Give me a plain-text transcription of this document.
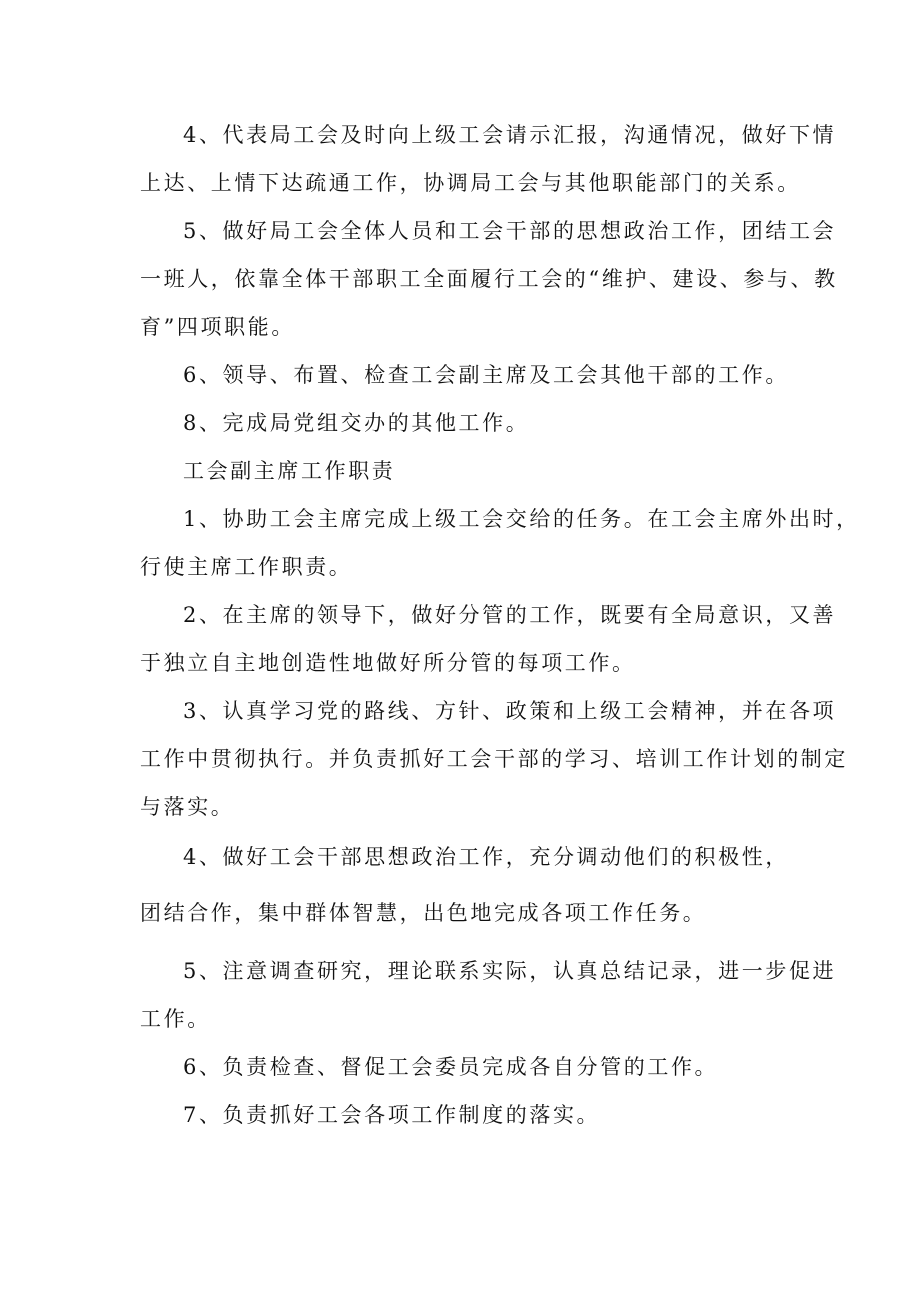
4、代表局工会及时向上级工会请示汇报，沟通情况，做好下情
上达、上情下达疏通工作，协调局工会与其他职能部门的关系。
5、做好局工会全体人员和工会干部的思想政治工作，团结工会
一班人，依靠全体干部职工全面履行工会的“维护、建设、参与、教
育”四项职能。
6、领导、布置、检查工会副主席及工会其他干部的工作。
8、完成局党组交办的其他工作。
工会副主席工作职责
1、协助工会主席完成上级工会交给的任务。在工会主席外出时，
行使主席工作职责。
2、在主席的领导下，做好分管的工作，既要有全局意识，又善
于独立自主地创造性地做好所分管的每项工作。
3、认真学习党的路线、方针、政策和上级工会精神，并在各项
工作中贯彻执行。并负责抓好工会干部的学习、培训工作计划的制定
与落实。
4、做好工会干部思想政治工作，充分调动他们的积极性，
团结合作，集中群体智慧，出色地完成各项工作任务。
5、注意调查研究，理论联系实际，认真总结记录，进一步促进
工作。
6、负责检查、督促工会委员完成各自分管的工作。
7、负责抓好工会各项工作制度的落实。
